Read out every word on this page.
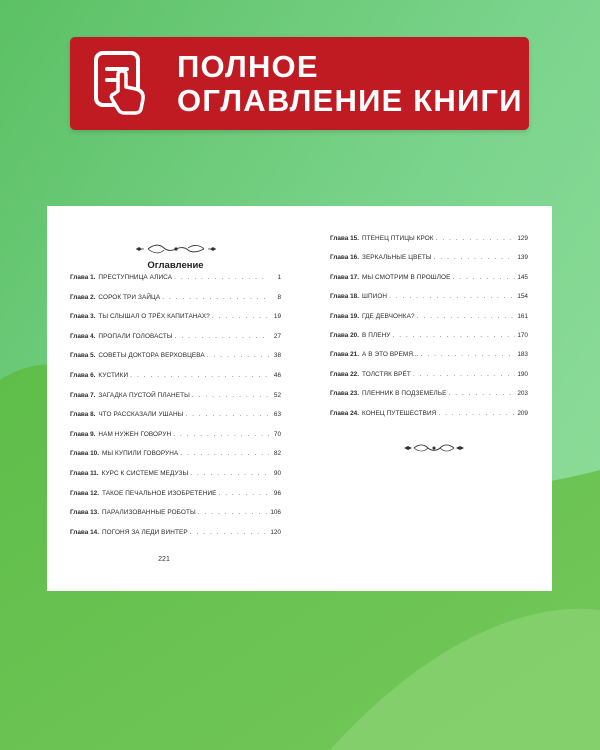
ПОЛНОЕ
ОГЛАВЛЕНИЕ КНИГИ
Оглавление
Глава 1. ПРЕСТУПНИЦА АЛИСА . . .	1
Глава 2. СОРОК ТРИ ЗАЙЦА . . .	8
Глава 3. ТЫ СЛЫШАЛ О ТРЁХ КАПИТАНАХ? . . .	19
Глава 4. ПРОПАЛИ ГОЛОВАСТЫ . . .	27
Глава 5. СОВЕТЫ ДОКТОРА ВЕРХОВЦЕВА . . .	38
Глава 6. КУСТИКИ . . .	46
Глава 7. ЗАГАДКА ПУСТОЙ ПЛАНЕТЫ . . .	52
Глава 8. ЧТО РАССКАЗАЛИ УШАНЫ . . .	63
Глава 9. НАМ НУЖЕН ГОВОРУН . . .	70
Глава 10. МЫ КУПИЛИ ГОВОРУНА . . .	82
Глава 11. КУРС К СИСТЕМЕ МЕДУЗЫ . . .	90
Глава 12. ТАКОЕ ПЕЧАЛЬНОЕ ИЗОБРЕТЕНИЕ . . .	96
Глава 13. ПАРАЛИЗОВАННЫЕ РОБОТЫ . . .	106
Глава 14. ПОГОНЯ ЗА ЛЕДИ ВИНТЕР . . .	120
Глава 15. ПТЕНЕЦ ПТИЦЫ КРОК . . .	129
Глава 16. ЗЕРКАЛЬНЫЕ ЦВЕТЫ . . .	139
Глава 17. МЫ СМОТРИМ В ПРОШЛОЕ . . .	145
Глава 18. ШПИОН . . .	154
Глава 19. ГДЕ ДЕВЧОНКА? . . .	161
Глава 20. В ПЛЕНУ . . .	170
Глава 21. А В ЭТО ВРЕМЯ... . . .	183
Глава 22. ТОЛСТЯК ВРЁТ . . .	190
Глава 23. ПЛЕННИК В ПОДЗЕМЕЛЬЕ . . .	203
Глава 24. КОНЕЦ ПУТЕШЕСТВИЯ . . .	209
221
